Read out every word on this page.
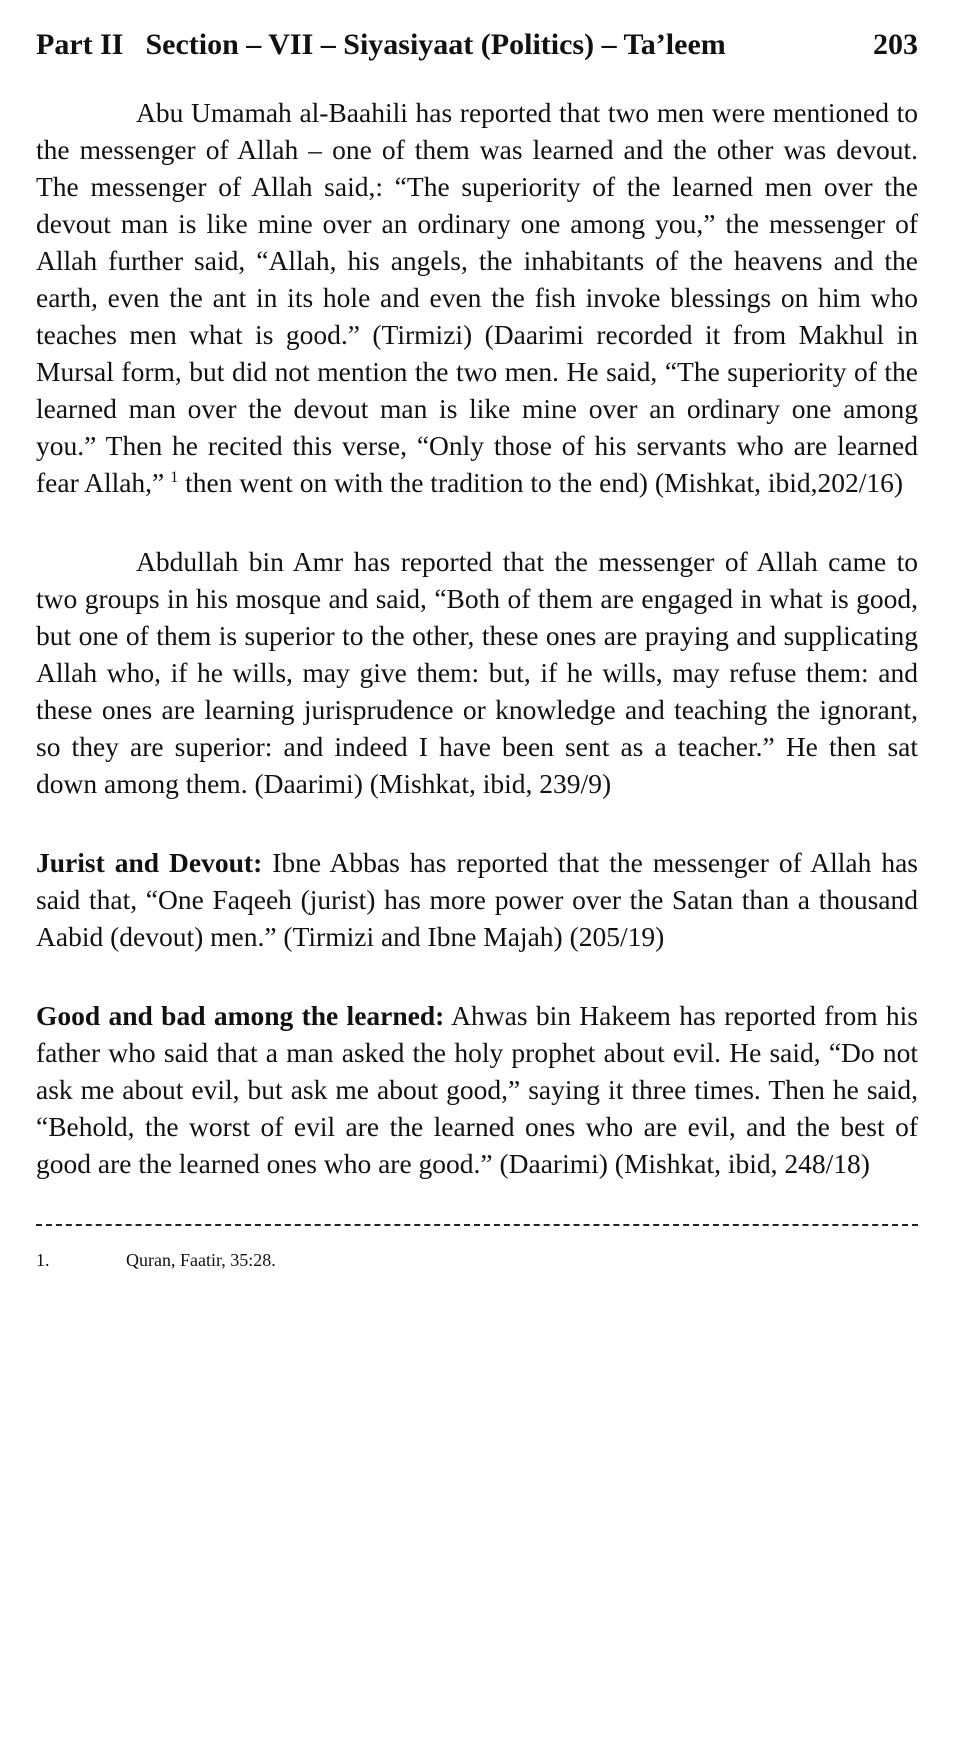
Part II Section – VII – Siyasiyaat (Politics) – Ta’leem	203

Abu Umamah al-Baahili has reported that two men were mentioned to the messenger of Allah – one of them was learned and the other was devout. The messenger of Allah said,: “The superiority of the learned men over the devout man is like mine over an ordinary one among you,” the messenger of Allah further said, “Allah, his angels, the inhabitants of the heavens and the earth, even the ant in its hole and even the fish invoke blessings on him who teaches men what is good.” (Tirmizi) (Daarimi recorded it from Makhul in Mursal form, but did not mention the two men. He said, “The superiority of the learned man over the devout man is like mine over an ordinary one among you.” Then he recited this verse, “Only those of his servants who are learned fear Allah,” $^1$ then went on with the tradition to the end) (Mishkat, ibid,202/16)

Abdullah bin Amr has reported that the messenger of Allah came to two groups in his mosque and said, “Both of them are engaged in what is good, but one of them is superior to the other, these ones are praying and supplicating Allah who, if he wills, may give them: but, if he wills, may refuse them: and these ones are learning jurisprudence or knowledge and teaching the ignorant, so they are superior: and indeed I have been sent as a teacher.” He then sat down among them. (Daarimi) (Mishkat, ibid, 239/9)

Jurist and Devout: Ibne Abbas has reported that the messenger of Allah has said that, “One Faqeeh (jurist) has more power over the Satan than a thousand Aabid (devout) men.” (Tirmizi and Ibne Majah) (205/19)

Good and bad among the learned: Ahwas bin Hakeem has reported from his father who said that a man asked the holy prophet about evil. He said, “Do not ask me about evil, but ask me about good,” saying it three times. Then he said, “Behold, the worst of evil are the learned ones who are evil, and the best of good are the learned ones who are good.” (Daarimi) (Mishkat, ibid, 248/18)

1.	Quran, Faatir, 35:28.
